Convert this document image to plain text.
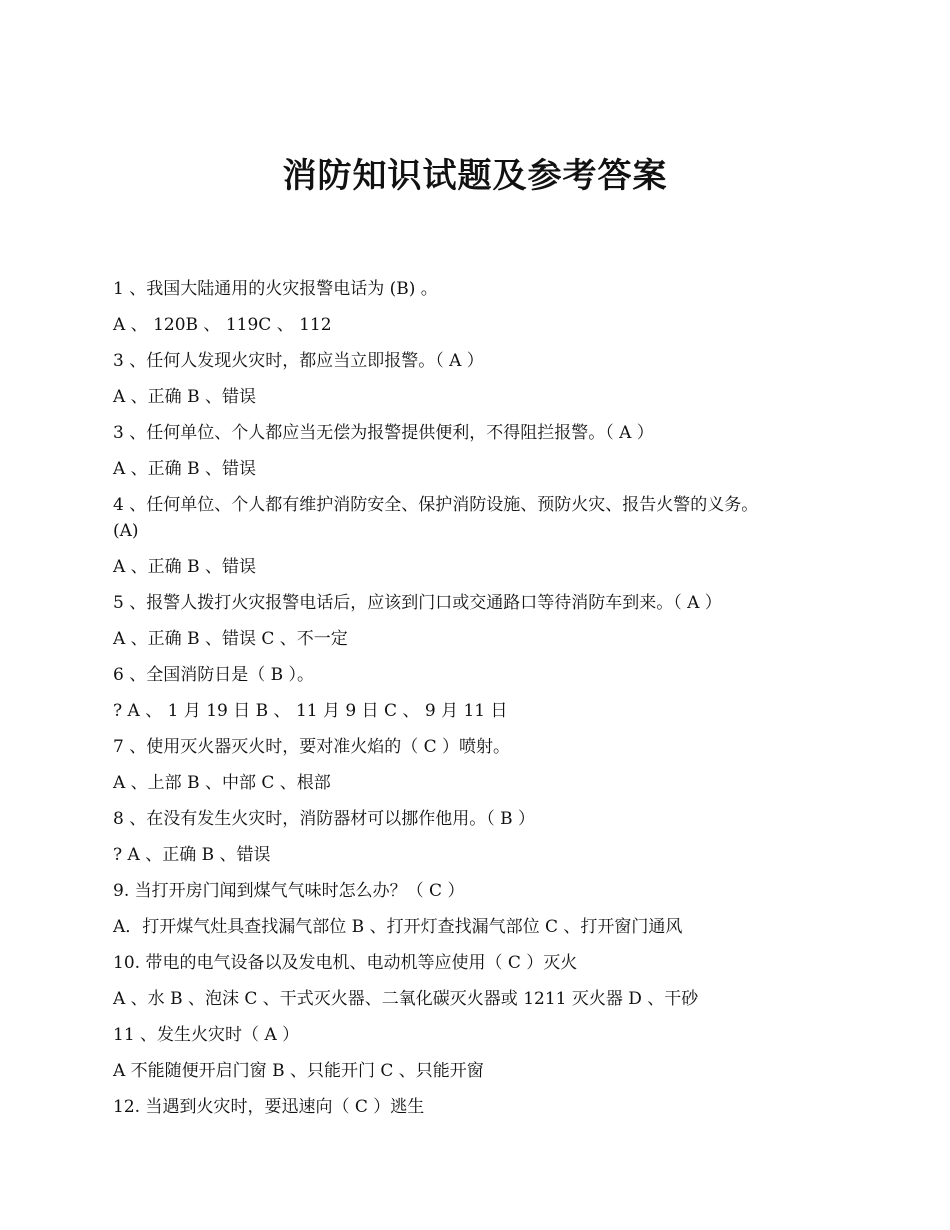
消防知识试题及参考答案

1 、我国大陆通用的火灾报警电话为 (B) 。

A 、 120B 、 119C 、 112

3 、任何人发现火灾时，都应当立即报警。（ A ）

A 、正确 B 、错误

3 、任何单位、个人都应当无偿为报警提供便利，不得阻拦报警。（ A ）

A 、正确 B 、错误

4 、任何单位、个人都有维护消防安全、保护消防设施、预防火灾、报告火警的义务。
(A)

A 、正确 B 、错误

5 、报警人拨打火灾报警电话后，应该到门口或交通路口等待消防车到来。（ A ）

A 、正确 B 、错误 C 、不一定

6 、全国消防日是（ B ）。

? A 、 1 月 19 日 B 、 11 月 9 日 C 、 9 月 11 日

7 、使用灭火器灭火时，要对准火焰的（ C ）喷射。

A 、上部 B 、中部 C 、根部

8 、在没有发生火灾时，消防器材可以挪作他用。（ B ）

? A 、正确 B 、错误

9. 当打开房门闻到煤气气味时怎么办？（ C ）

A．打开煤气灶具查找漏气部位 B 、打开灯查找漏气部位 C 、打开窗门通风

10. 带电的电气设备以及发电机、电动机等应使用（ C ）灭火

A 、水 B 、泡沫 C 、干式灭火器、二氧化碳灭火器或 1211 灭火器 D 、干砂

11 、发生火灾时（ A ）

A 不能随便开启门窗 B 、只能开门 C 、只能开窗

12. 当遇到火灾时，要迅速向（ C ）逃生
